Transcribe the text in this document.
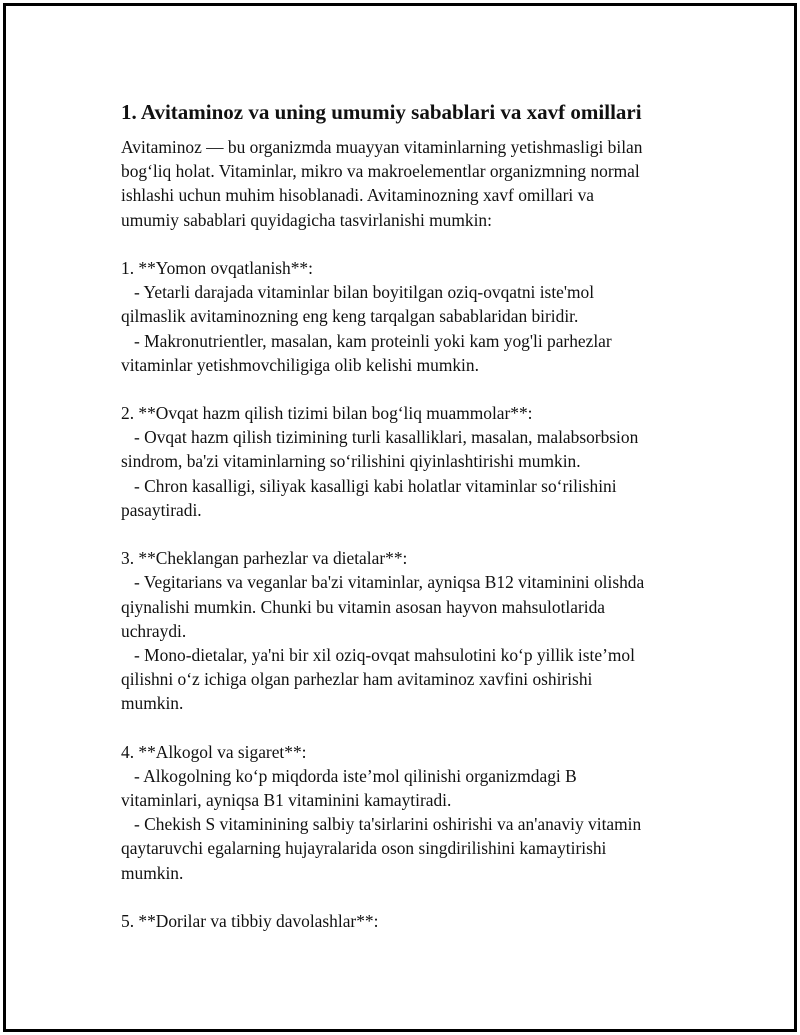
1. Avitaminoz va uning umumiy sabablari va xavf omillari
Avitaminoz — bu organizmda muayyan vitaminlarning yetishmasligi bilan
bog‘liq holat. Vitaminlar, mikro va makroelementlar organizmning normal
ishlashi uchun muhim hisoblanadi. Avitaminozning xavf omillari va
umumiy sabablari quyidagicha tasvirlanishi mumkin:
1. **Yomon ovqatlanish**:
- Yetarli darajada vitaminlar bilan boyitilgan oziq-ovqatni iste'mol
qilmaslik avitaminozning eng keng tarqalgan sabablaridan biridir.
- Makronutrientler, masalan, kam proteinli yoki kam yog'li parhezlar
vitaminlar yetishmovchiligiga olib kelishi mumkin.
2. **Ovqat hazm qilish tizimi bilan bog‘liq muammolar**:
- Ovqat hazm qilish tizimining turli kasalliklari, masalan, malabsorbsion
sindrom, ba'zi vitaminlarning so‘rilishini qiyinlashtirishi mumkin.
- Chron kasalligi, siliyak kasalligi kabi holatlar vitaminlar so‘rilishini
pasaytiradi.
3. **Cheklangan parhezlar va dietalar**:
- Vegitarians va veganlar ba'zi vitaminlar, ayniqsa B12 vitaminini olishda
qiynalishi mumkin. Chunki bu vitamin asosan hayvon mahsulotlarida
uchraydi.
- Mono-dietalar, ya'ni bir xil oziq-ovqat mahsulotini ko‘p yillik iste’mol
qilishni o‘z ichiga olgan parhezlar ham avitaminoz xavfini oshirishi
mumkin.
4. **Alkogol va sigaret**:
- Alkogolning ko‘p miqdorda iste’mol qilinishi organizmdagi B
vitaminlari, ayniqsa B1 vitaminini kamaytiradi.
- Chekish S vitaminining salbiy ta'sirlarini oshirishi va an'anaviy vitamin
qaytaruvchi egalarning hujayralarida oson singdirilishini kamaytirishi
mumkin.
5. **Dorilar va tibbiy davolashlar**:
